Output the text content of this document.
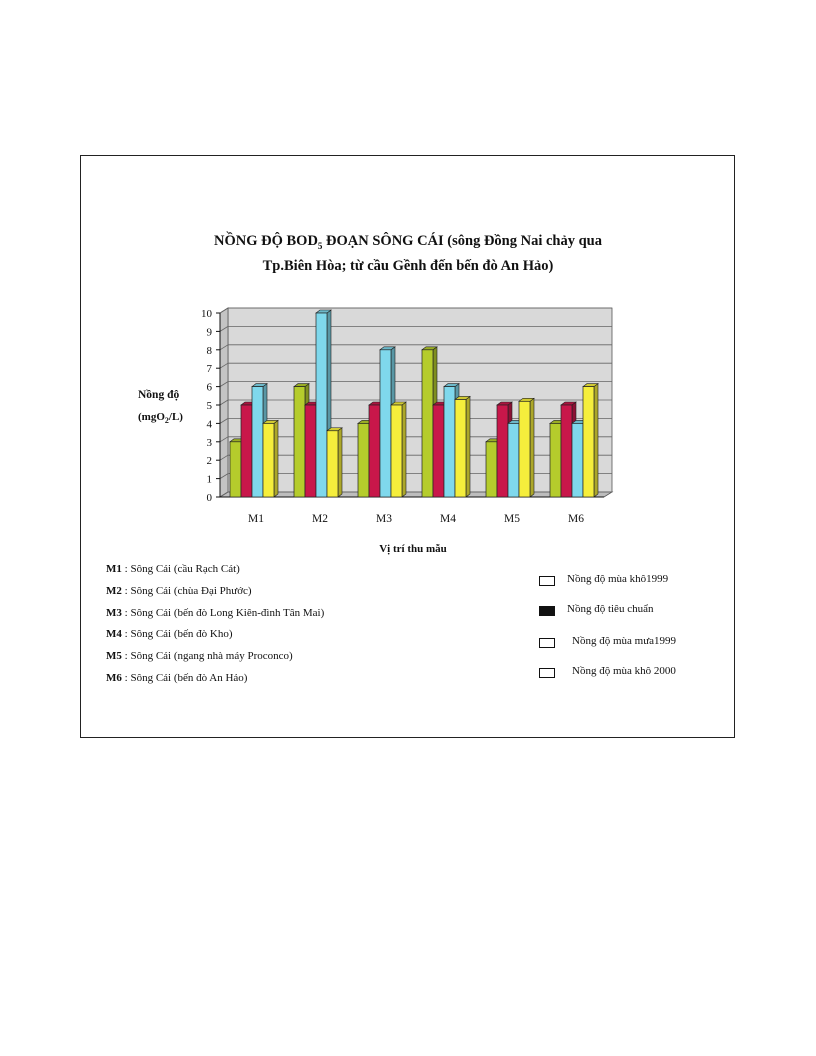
NỒNG ĐỘ $BOD_5$ ĐOẠN SÔNG CÁI (sông Đồng Nai chảy qua
Tp.Biên Hòa; từ cầu Gềnh đến bến đò An Hảo)
Nồng độ
(mgO$_2$/L)
0
1
2
3
4
5
6
7
8
9
10
M1	M2	M3	M4	M5	M6
Vị trí thu mẫu
M1 : Sông Cái (cầu Rạch Cát)
M2 : Sông Cái (chùa Đại Phước)
M3 : Sông Cái (bến đò Long Kiên-đình Tân Mai)
M4 : Sông Cái (bến đò Kho)
M5 : Sông Cái (ngang nhà máy Proconco)
M6 : Sông Cái (bến đò An Hảo)
Nồng độ mùa khô1999
Nồng độ tiêu chuẩn
Nồng độ mùa mưa1999
Nồng độ mùa khô 2000
